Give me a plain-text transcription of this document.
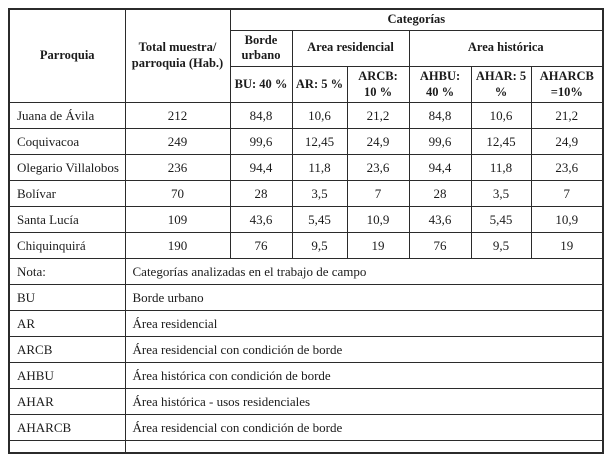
Parroquia	Total muestra/ parroquia (Hab.)	Categorías					
		Borde urbano	Area residencial		Area histórica		
		BU: 40 %	AR: 5 %	ARCB: 10 %	AHBU: 40 %	AHAR: 5 %	AHARCB =10%
Juana de Ávila	212	84,8	10,6	21,2	84,8	10,6	21,2
Coquivacoa	249	99,6	12,45	24,9	99,6	12,45	24,9
Olegario Villalobos	236	94,4	11,8	23,6	94,4	11,8	23,6
Bolívar	70	28	3,5	7	28	3,5	7
Santa Lucía	109	43,6	5,45	10,9	43,6	5,45	10,9
Chiquinquirá	190	76	9,5	19	76	9,5	19
Nota:	Categorías analizadas en el trabajo de campo						
BU	Borde urbano						
AR	Área residencial						
ARCB	Área residencial con condición de borde						
AHBU	Área histórica con condición de borde						
AHAR	Área histórica - usos residenciales						
AHARCB	Área residencial con condición de borde						
